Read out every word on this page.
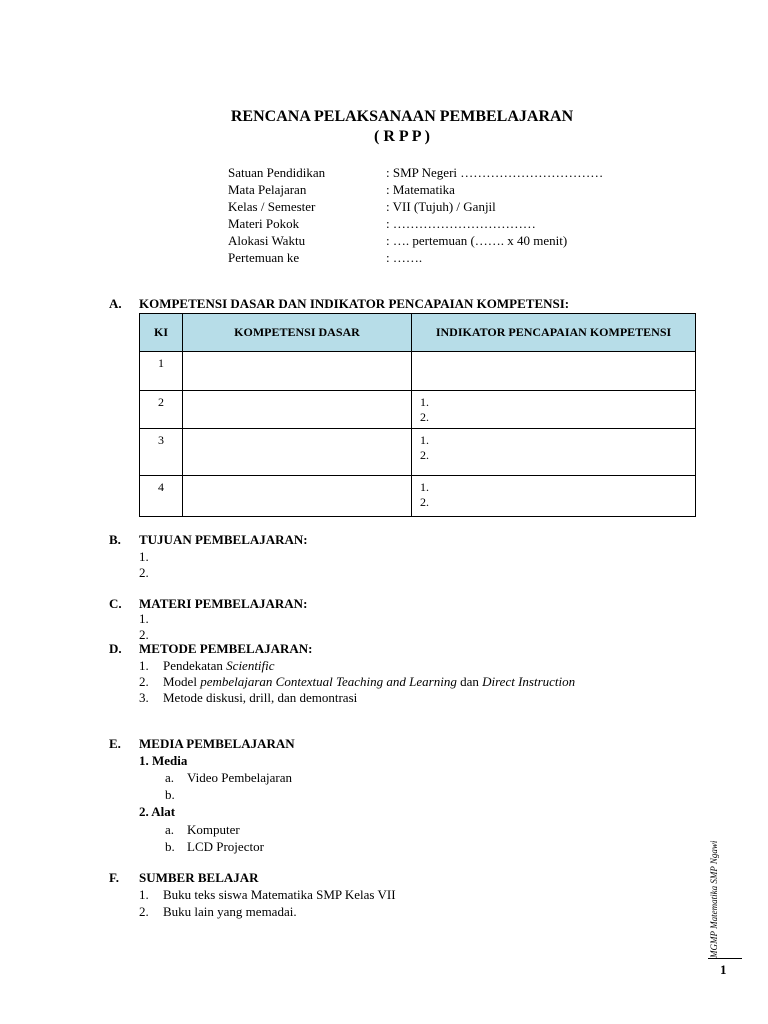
RENCANA PELAKSANAAN PEMBELAJARAN
( R P P )
Satuan Pendidikan	: SMP Negeri ……………………………
Mata Pelajaran	: Matematika
Kelas / Semester	: VII (Tujuh) / Ganjil
Materi Pokok	: ……………………………
Alokasi Waktu	: …. pertemuan (……. x 40 menit)
Pertemuan ke	: …….
A. KOMPETENSI DASAR DAN INDIKATOR PENCAPAIAN KOMPETENSI:
KI	KOMPETENSI DASAR	INDIKATOR PENCAPAIAN KOMPETENSI
1		

2		1.
2.

3		1.
2.

4		1.
2.
B. TUJUAN PEMBELAJARAN:
1.
2.
C. MATERI PEMBELAJARAN:
1.
2.
D. METODE PEMBELAJARAN:
1. Pendekatan Scientific
2. Model pembelajaran Contextual Teaching and Learning dan Direct Instruction
3. Metode diskusi, drill, dan demontrasi
E. MEDIA PEMBELAJARAN
1. Media
a. Video Pembelajaran
b.
2. Alat
a. Komputer
b. LCD Projector
F. SUMBER BELAJAR
1. Buku teks siswa Matematika SMP Kelas VII
2. Buku lain yang memadai.	MGMP Matematika SMP Ngawi
1
